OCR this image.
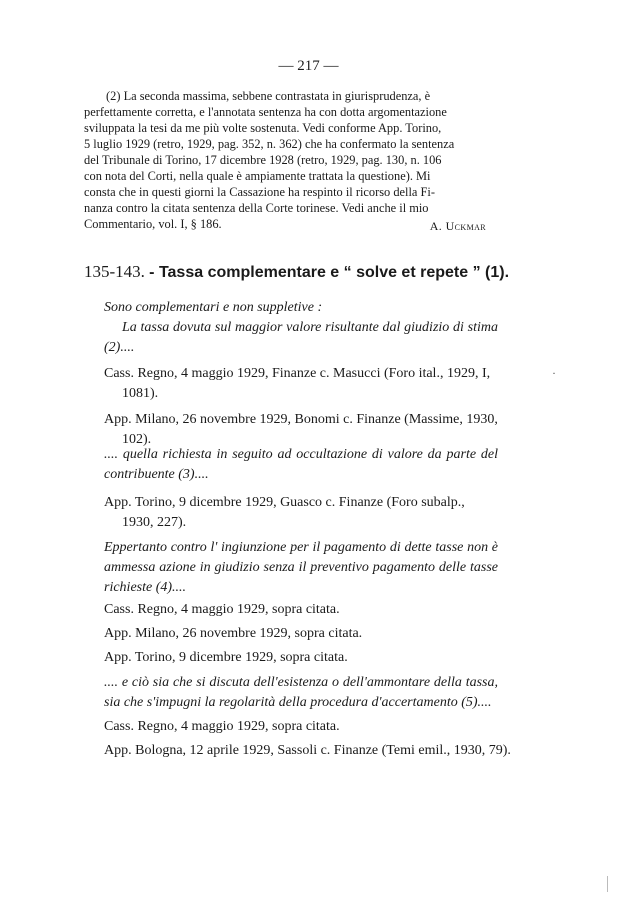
— 217 —
(2) La seconda massima, sebbene contrastata in giurisprudenza, è
perfettamente corretta, e l'annotata sentenza ha con dotta argomentazione
sviluppata la tesi da me più volte sostenuta. Vedi conforme App. Torino,
5 luglio 1929 (retro, 1929, pag. 352, n. 362) che ha confermato la sentenza
del Tribunale di Torino, 17 dicembre 1928 (retro, 1929, pag. 130, n. 106
con nota del Corti, nella quale è ampiamente trattata la questione). Mi
consta che in questi giorni la Cassazione ha respinto il ricorso della Fi-
nanza contro la citata sentenza della Corte torinese. Vedi anche il mio
Commentario, vol. I, § 186.	A. Uckmar
135-143. - Tassa complementare e “ solve et repete ” (1).
Sono complementari e non suppletive :
La tassa dovuta sul maggior valore risultante dal giudizio di stima (2)....
Cass. Regno, 4 maggio 1929, Finanze c. Masucci (Foro ital., 1929, I, 1081).
App. Milano, 26 novembre 1929, Bonomi c. Finanze (Massime, 1930, 102).
.... quella richiesta in seguito ad occultazione di valore da parte del contribuente (3)....
App. Torino, 9 dicembre 1929, Guasco c. Finanze (Foro subalp., 1930, 227).
Eppertanto contro l' ingiunzione per il pagamento di dette tasse non è ammessa azione in giudizio senza il preventivo pagamento delle tasse richieste (4)....
Cass. Regno, 4 maggio 1929, sopra citata.
App. Milano, 26 novembre 1929, sopra citata.
App. Torino, 9 dicembre 1929, sopra citata.
.... e ciò sia che si discuta dell'esistenza o dell'ammontare della tassa, sia che s'impugni la regolarità della procedura d'accertamento (5)....
Cass. Regno, 4 maggio 1929, sopra citata.
App. Bologna, 12 aprile 1929, Sassoli c. Finanze (Temi emil., 1930, 79).
·
